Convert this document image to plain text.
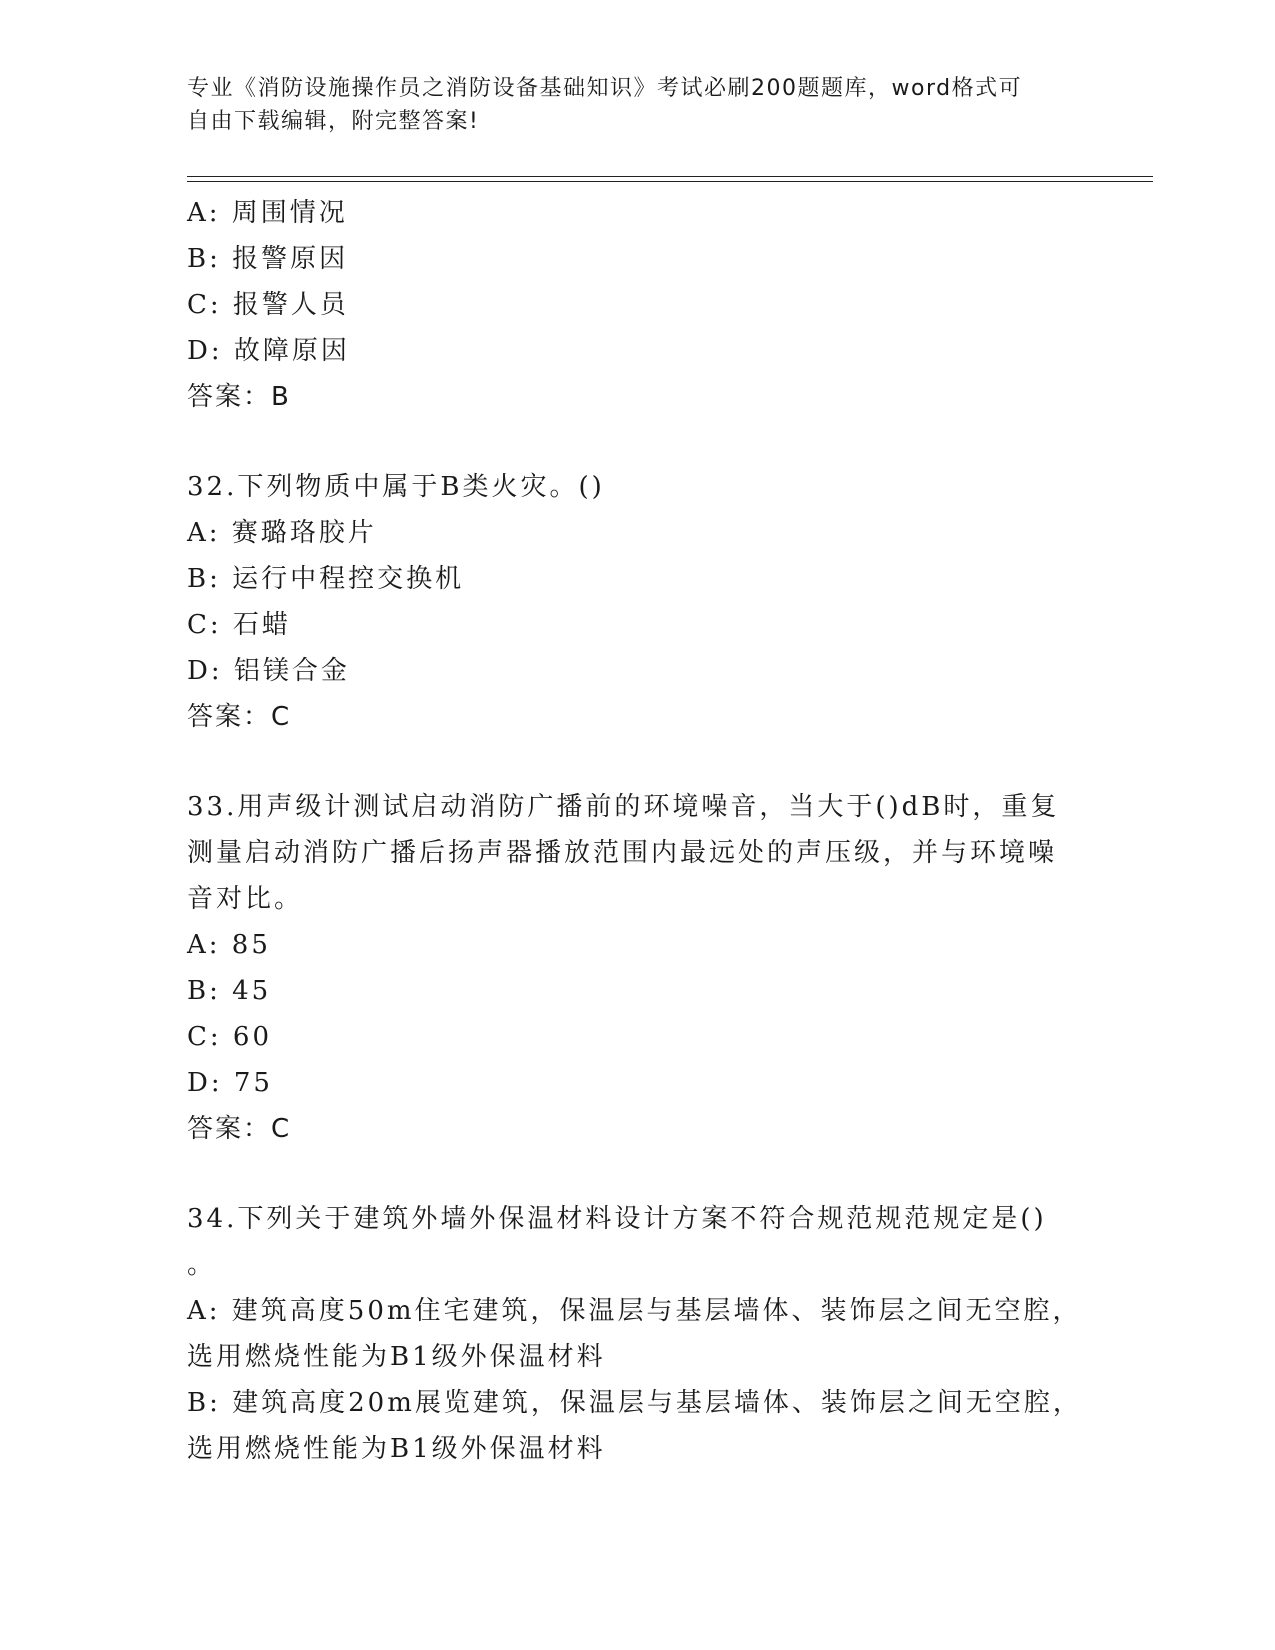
专业《消防设施操作员之消防设备基础知识》考试必刷200题题库，word格式可
自由下载编辑，附完整答案!
A: 周围情况
B: 报警原因
C: 报警人员
D: 故障原因
答案：B
32.下列物质中属于B类火灾。()
A: 赛璐珞胶片
B: 运行中程控交换机
C: 石蜡
D: 铝镁合金
答案：C
33.用声级计测试启动消防广播前的环境噪音，当大于()dB时，重复
测量启动消防广播后扬声器播放范围内最远处的声压级，并与环境噪
音对比。
A: 85
B: 45
C: 60
D: 75
答案：C
34.下列关于建筑外墙外保温材料设计方案不符合规范规范规定是()
。
A: 建筑高度50m住宅建筑，保温层与基层墙体、装饰层之间无空腔，
选用燃烧性能为B1级外保温材料
B: 建筑高度20m展览建筑，保温层与基层墙体、装饰层之间无空腔，
选用燃烧性能为B1级外保温材料
